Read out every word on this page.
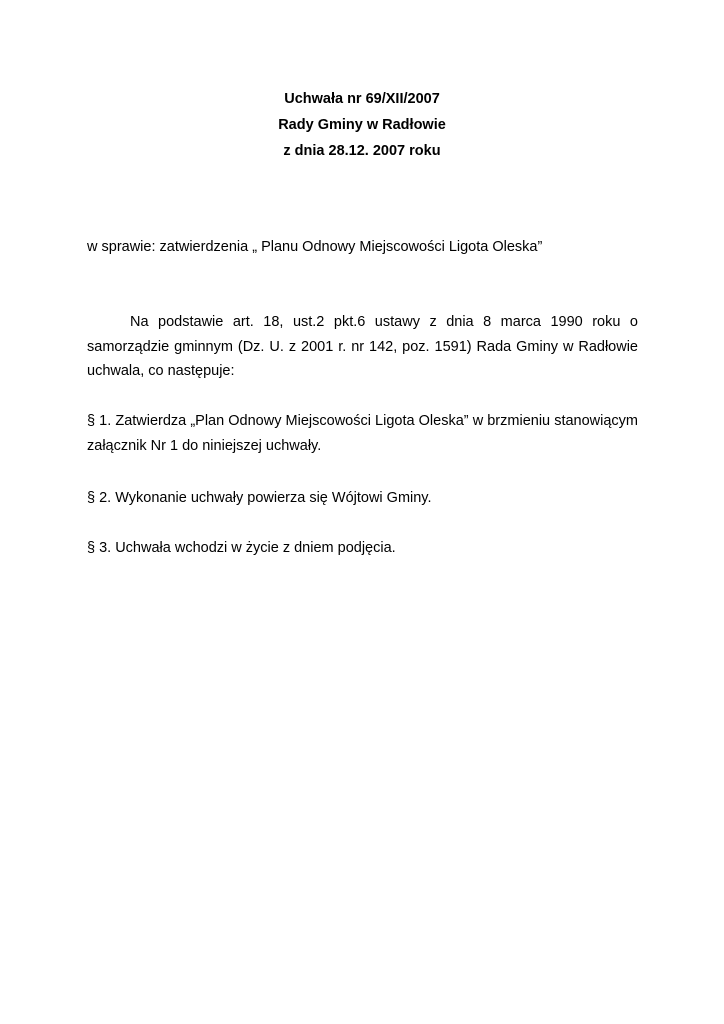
Uchwała nr 69/XII/2007
Rady Gminy w Radłowie
z dnia 28.12. 2007 roku
w sprawie: zatwierdzenia „ Planu Odnowy Miejscowości Ligota Oleska”
Na podstawie art. 18, ust.2 pkt.6 ustawy z dnia 8 marca 1990 roku o samorządzie gminnym (Dz. U. z 2001 r. nr 142, poz. 1591) Rada Gminy w Radłowie uchwala, co następuje:
§ 1. Zatwierdza „Plan Odnowy Miejscowości Ligota Oleska” w brzmieniu stanowiącym załącznik Nr 1 do niniejszej uchwały.
§ 2. Wykonanie uchwały powierza się Wójtowi Gminy.
§ 3. Uchwała wchodzi w życie z dniem podjęcia.
